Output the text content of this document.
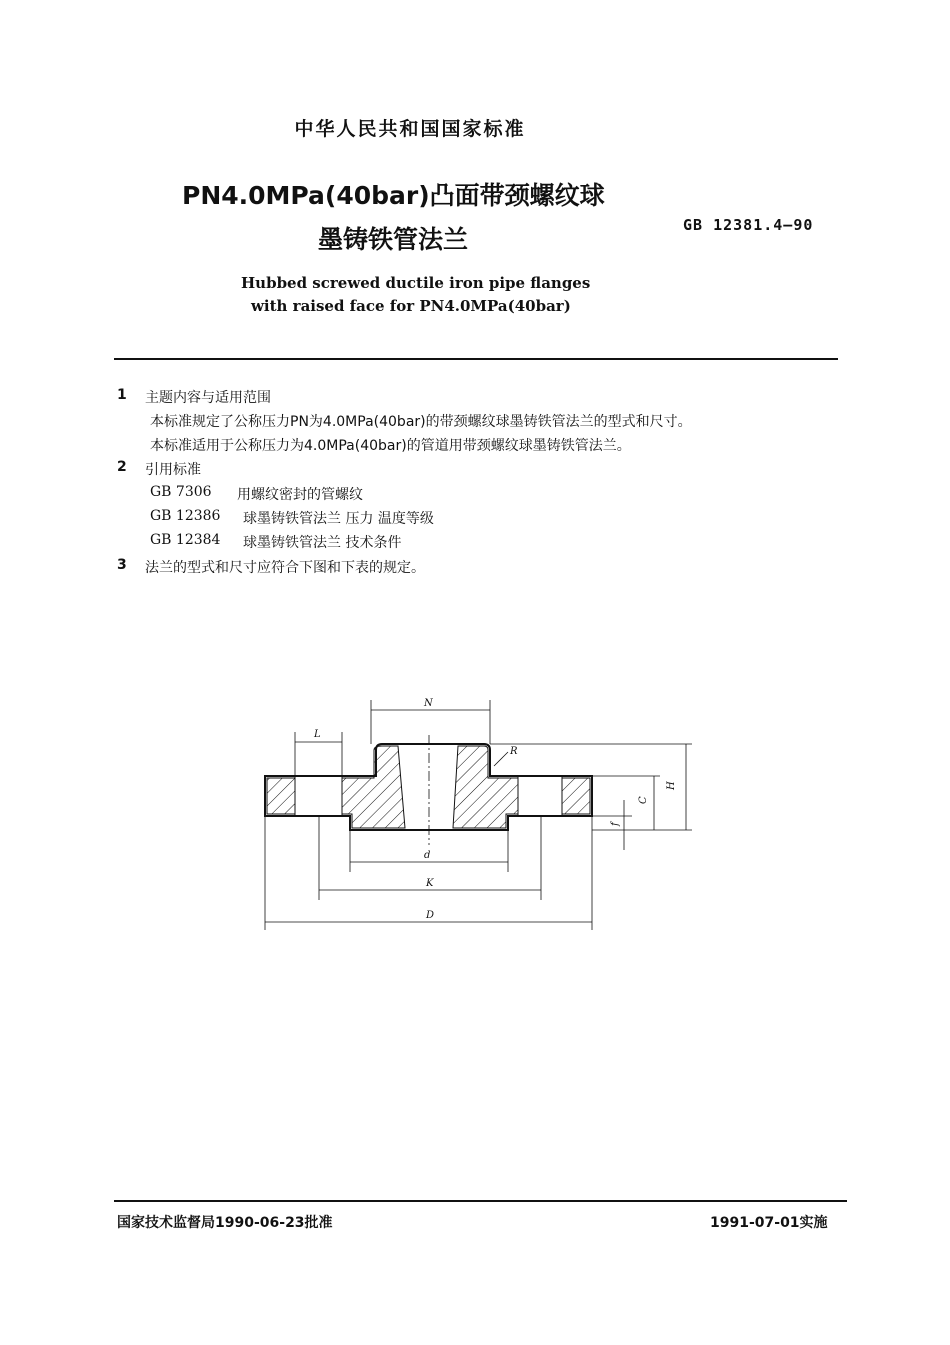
中华人民共和国国家标准
PN4.0MPa(40bar)凸面带颈螺纹球
墨铸铁管法兰	GB 12381.4—90
Hubbed screwed ductile iron pipe flanges
with raised face for PN4.0MPa(40bar)
1 主题内容与适用范围
本标准规定了公称压力PN为4.0MPa(40bar)的带颈螺纹球墨铸铁管法兰的型式和尺寸。
本标准适用于公称压力为4.0MPa(40bar)的管道用带颈螺纹球墨铸铁管法兰。
2 引用标准
GB 7306 用螺纹密封的管螺纹
GB 12386 球墨铸铁管法兰 压力 温度等级
GB 12384 球墨铸铁管法兰 技术条件
3 法兰的型式和尺寸应符合下图和下表的规定。
N
L
R
H
C
f
d
K
D
国家技术监督局1990-06-23批准	1991-07-01实施
